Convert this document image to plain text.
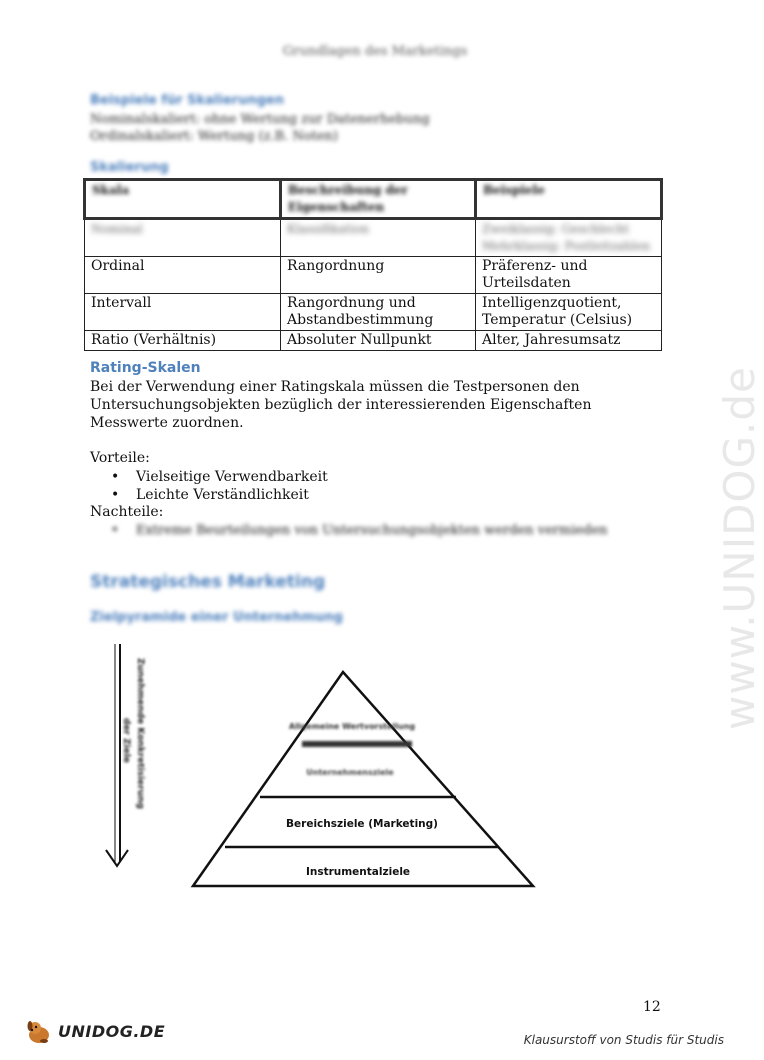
www.UNIDOG.de
Grundlagen des Marketings
Beispiele für Skalierungen
Nominalskaliert: ohne Wertung zur Datenerhebung
Ordinalskaliert: Wertung (z.B. Noten)
Skalierung
Skala	Beschreibung der Eigenschaften	Beispiele
Nominal	Klassifikation	Zweiklassig: Geschlecht Mehrklassig: Postleitzahlen
Ordinal	Rangordnung	Präferenz- und Urteilsdaten
Intervall	Rangordnung und Abstandbestimmung	Intelligenzquotient, Temperatur (Celsius)
Ratio (Verhältnis)	Absoluter Nullpunkt	Alter, Jahresumsatz
Rating-Skalen

Bei der Verwendung einer Ratingskala müssen die Testpersonen den Untersuchungsobjekten bezüglich der interessierenden Eigenschaften Messwerte zuordnen.

Vorteile:
• Vielseitige Verwendbarkeit
• Leichte Verständlichkeit
Nachteile:
• Extreme Beurteilungen von Untersuchungsobjekten werden vermieden
Strategisches Marketing
Zielpyramide einer Unternehmung
Zunehmende Konkretisierung
der Ziele	Allgemeine Wertvorstellung
Unternehmensziele
Bereichsziele (Marketing)
Instrumentalziele
12
UNIDOG.DE	Klausurstoff von Studis für Studis
